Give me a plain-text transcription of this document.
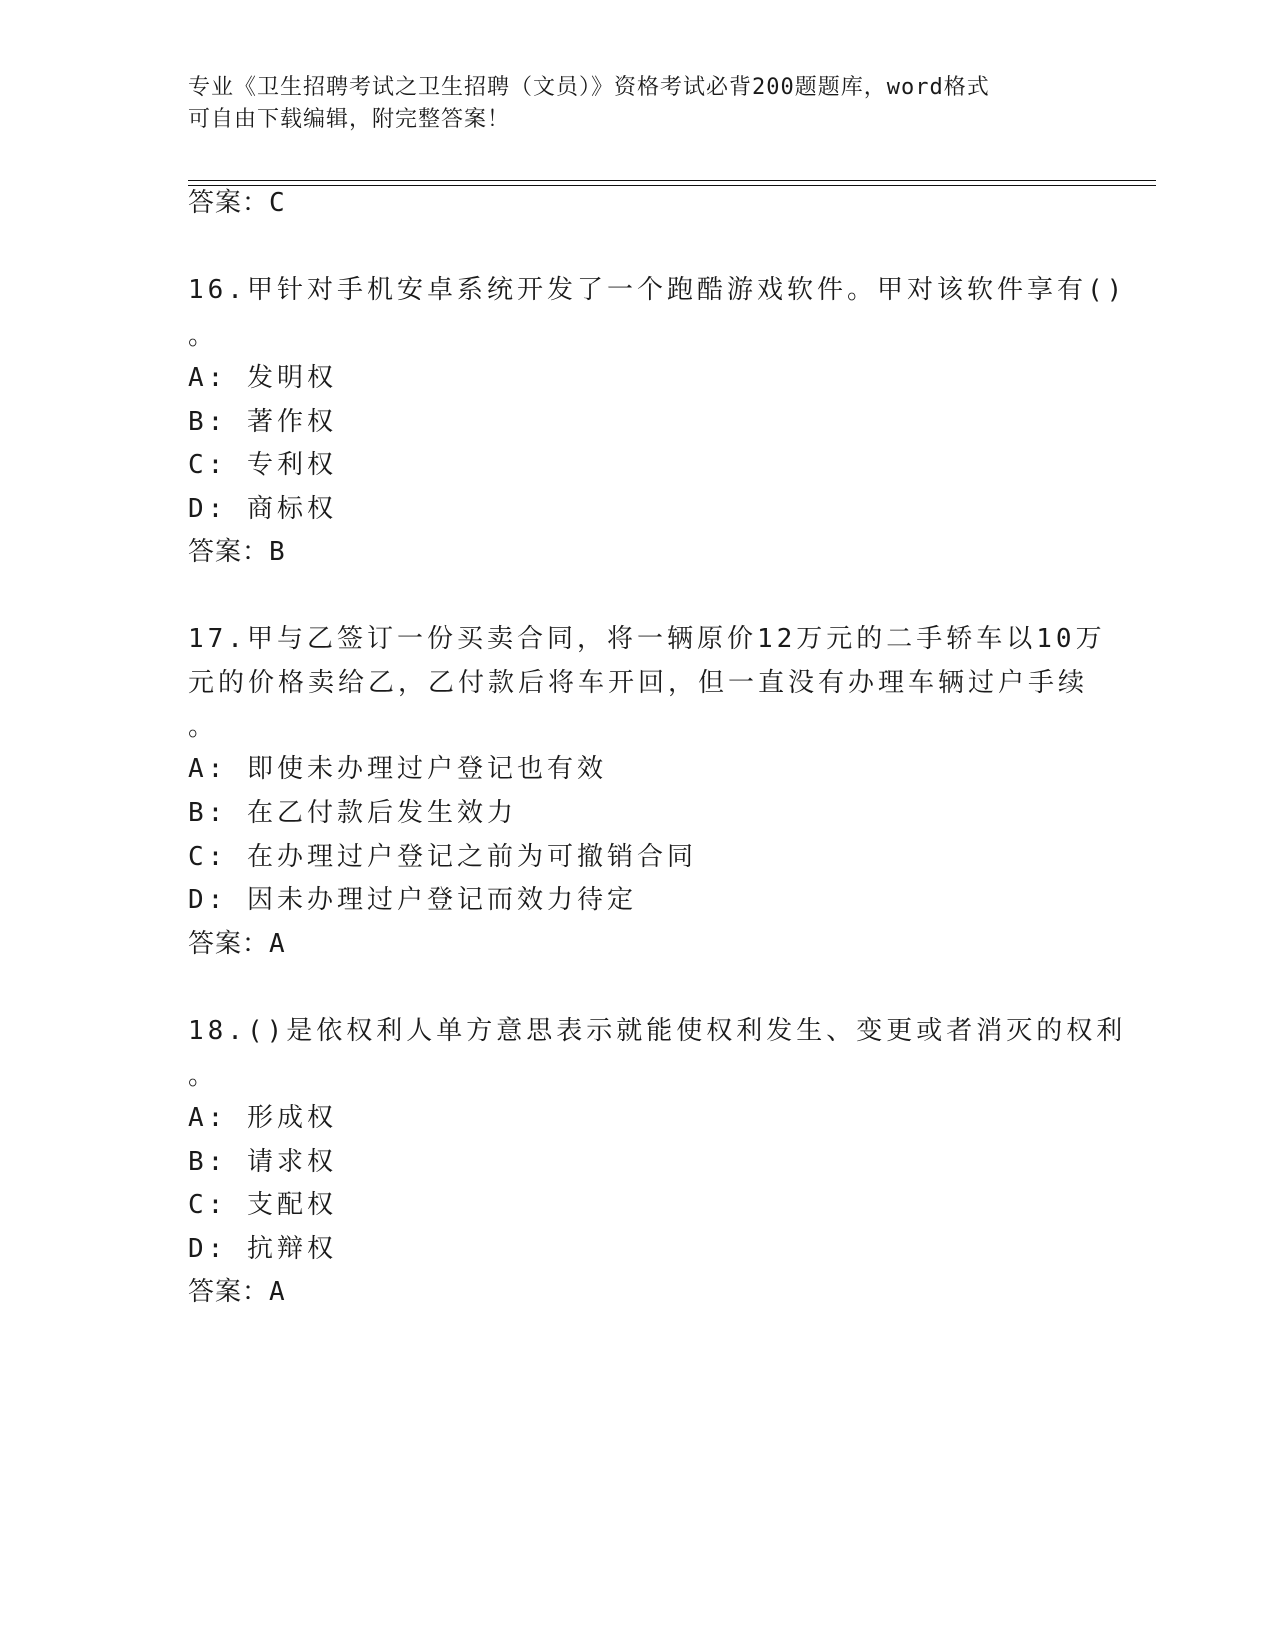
专业《卫生招聘考试之卫生招聘（文员）》资格考试必背200题题库，word格式
可自由下载编辑，附完整答案！
答案：C
16.甲针对手机安卓系统开发了一个跑酷游戏软件。甲对该软件享有()
。
A: 发明权
B: 著作权
C: 专利权
D: 商标权
答案：B
17.甲与乙签订一份买卖合同，将一辆原价12万元的二手轿车以10万
元的价格卖给乙，乙付款后将车开回，但一直没有办理车辆过户手续
。
A: 即使未办理过户登记也有效
B: 在乙付款后发生效力
C: 在办理过户登记之前为可撤销合同
D: 因未办理过户登记而效力待定
答案：A
18.()是依权利人单方意思表示就能使权利发生、变更或者消灭的权利
。
A: 形成权
B: 请求权
C: 支配权
D: 抗辩权
答案：A
